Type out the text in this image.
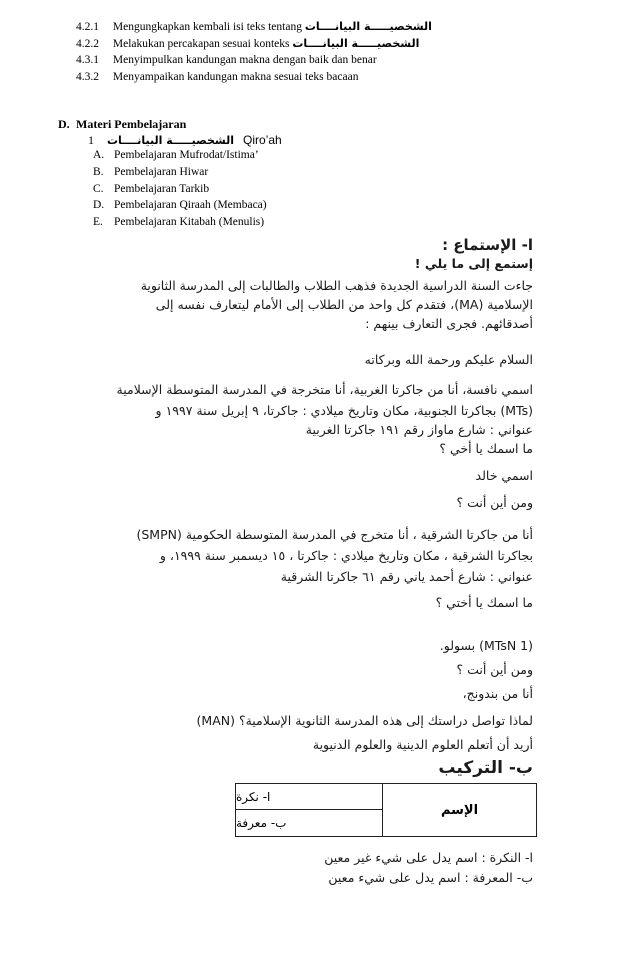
4.2.1 Mengungkapkan kembali isi teks tentang الشخصيـــــة البيانــــات
4.2.2 Melakukan percakapan sesuai konteks الشخصيـــــة البيانــــات
4.3.1 Menyimpulkan kandungan makna dengan baik dan benar
4.3.2 Menyampaikan kandungan makna sesuai teks bacaan
D. Materi Pembelajaran
1 الشخصيـــــة البيانــــات Qiro’ah
A. Pembelajaran Mufrodat/Istima’
B. Pembelajaran Hiwar
C. Pembelajaran Tarkib
D. Pembelajaran Qiraah (Membaca)
E. Pembelajaran Kitabah (Menulis)
ا- الإستماع :
إستمع إلى ما يلي !
جاءت السنة الدراسية الجديدة فذهب الطلاب والطالبات إلى المدرسة الثانوية
الإسلامية (MA)، فتقدم كل واحد من الطلاب إلى الأمام ليتعارف نفسه إلى
أصدقائهم. فجرى التعارف بينهم :
السلام عليكم ورحمة الله وبركاته
اسمي نافسة، أنا من جاكرتا الغربية، أنا متخرجة في المدرسة المتوسطة الإسلامية
(MTs) بجاكرتا الجنوبية، مكان وتاريخ ميلادي : جاكرتا، ٩ إبريل سنة ١٩٩٧ و
عنواني : شارع ماواز رقم ١٩١ جاكرتا الغربية
ما اسمك يا أخي ؟
اسمي خالد
ومن أين أنت ؟
أنا من جاكرتا الشرقية ، أنا متخرج في المدرسة المتوسطة الحكومية (SMPN)
بجاكرتا الشرقية ، مكان وتاريخ ميلادي : جاكرتا ، ١٥ ديسمبر سنة ١٩٩٩، و
عنواني : شارع أحمد ياني رقم ٦١ جاكرتا الشرقية
ما اسمك يا أختي ؟
(MTsN 1) بسولو.
ومن أين أنت ؟
أنا من بندونج،
لماذا تواصل دراستك إلى هذه المدرسة الثانوية الإسلامية؟ (MAN)
أريد أن أتعلم العلوم الدينية والعلوم الدنيوية
ب- التركيب
ا- نكرة
ب- معرفة
الإسم
ا- النكرة : اسم يدل على شيء غير معين
ب- المعرفة : اسم يدل على شيء معين
